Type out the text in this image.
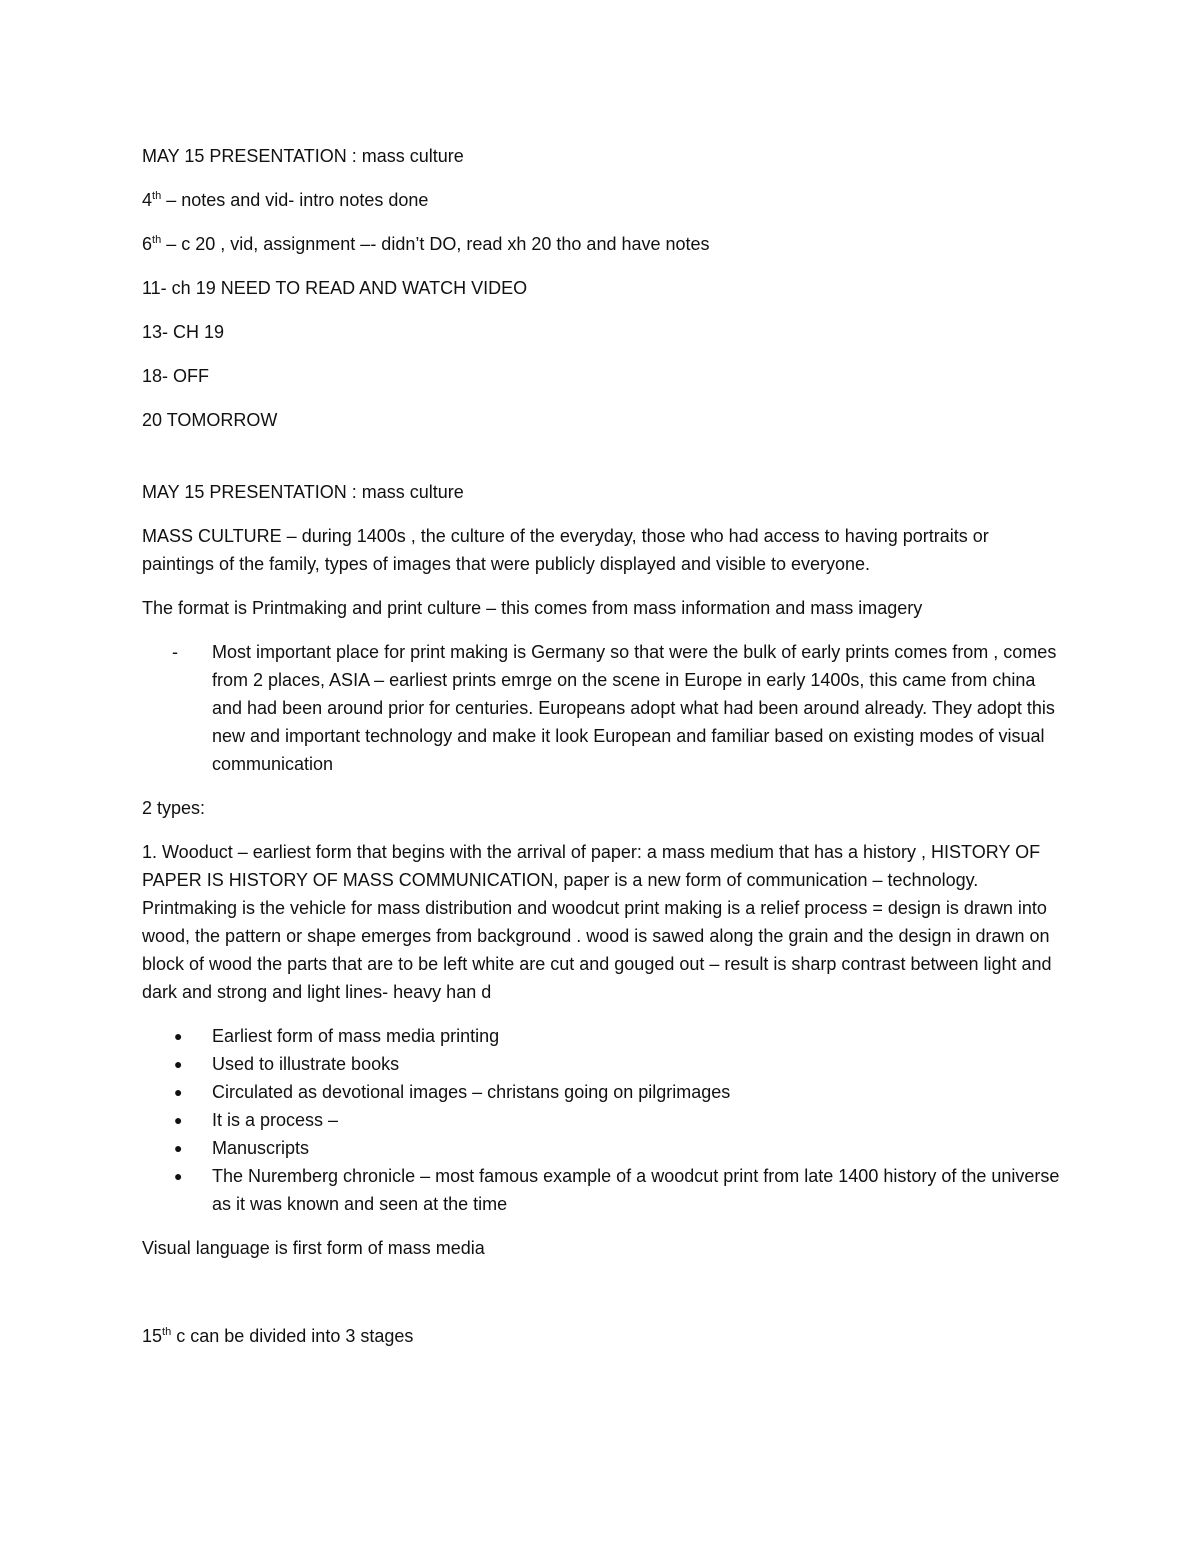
MAY 15 PRESENTATION : mass culture

4th – notes and vid- intro notes done

6th – c 20 , vid, assignment –- didn’t DO, read xh 20 tho and have notes

11- ch 19 NEED TO READ AND WATCH VIDEO

13- CH 19

18- OFF

20 TOMORROW

MAY 15 PRESENTATION : mass culture

MASS CULTURE – during 1400s , the culture of the everyday, those who had access to having portraits or paintings of the family, types of images that were publicly displayed and visible to everyone.

The format is Printmaking and print culture – this comes from mass information and mass imagery

- Most important place for print making is Germany so that were the bulk of early prints comes from , comes from 2 places, ASIA – earliest prints emrge on the scene in Europe in early 1400s, this came from china and had been around prior for centuries. Europeans adopt what had been around already. They adopt this new and important technology and make it look European and familiar based on existing modes of visual communication

2 types:

1. Wooduct – earliest form that begins with the arrival of paper: a mass medium that has a history , HISTORY OF PAPER IS HISTORY OF MASS COMMUNICATION, paper is a new form of communication – technology. Printmaking is the vehicle for mass distribution and woodcut print making is a relief process = design is drawn into wood, the pattern or shape emerges from background . wood is sawed along the grain and the design in drawn on block of wood the parts that are to be left white are cut and gouged out – result is sharp contrast between light and dark and strong and light lines- heavy han d

● Earliest form of mass media printing
● Used to illustrate books
● Circulated as devotional images – christans going on pilgrimages
● It is a process –
● Manuscripts
● The Nuremberg chronicle – most famous example of a woodcut print from late 1400 history of the universe as it was known and seen at the time

Visual language is first form of mass media

15th c can be divided into 3 stages
